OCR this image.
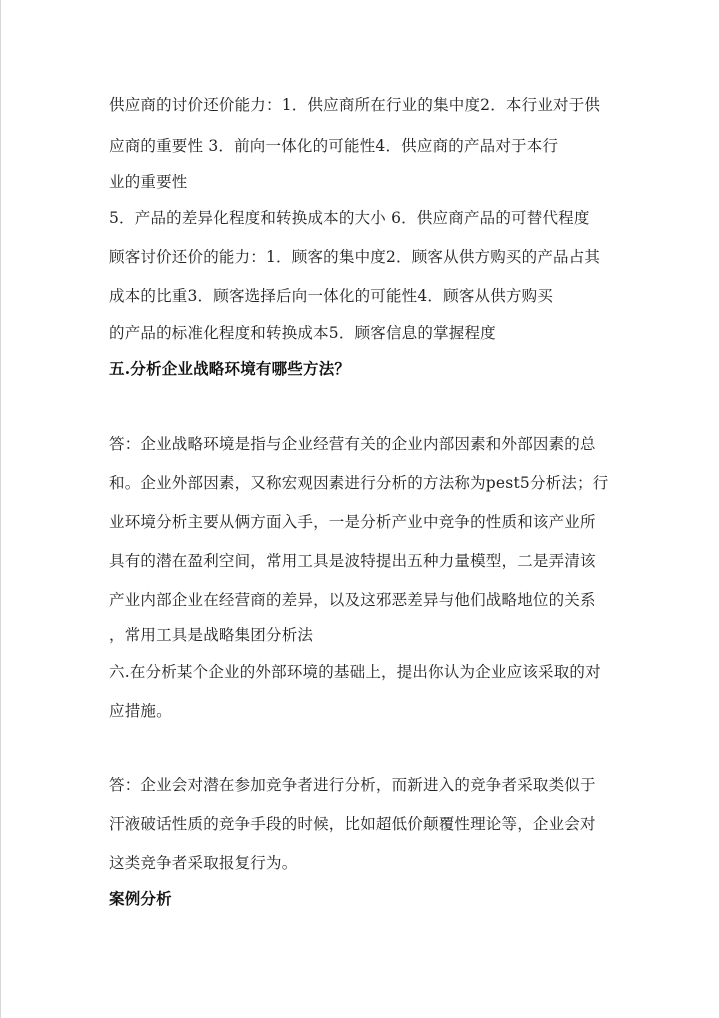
供应商的讨价还价能力：1．供应商所在行业的集中度2．本行业对于供
应商的重要性 3．前向一体化的可能性4．供应商的产品对于本行
业的重要性
5．产品的差异化程度和转换成本的大小 6．供应商产品的可替代程度
顾客讨价还价的能力：1．顾客的集中度2．顾客从供方购买的产品占其
成本的比重3．顾客选择后向一体化的可能性4．顾客从供方购买
的产品的标准化程度和转换成本5．顾客信息的掌握程度
五.分析企业战略环境有哪些方法？
答：企业战略环境是指与企业经营有关的企业内部因素和外部因素的总
和。企业外部因素，又称宏观因素进行分析的方法称为pest5分析法；行
业环境分析主要从俩方面入手，一是分析产业中竞争的性质和该产业所
具有的潜在盈利空间，常用工具是波特提出五种力量模型，二是弄清该
产业内部企业在经营商的差异，以及这邪恶差异与他们战略地位的关系
，常用工具是战略集团分析法
六.在分析某个企业的外部环境的基础上，提出你认为企业应该采取的对
应措施。
答：企业会对潜在参加竞争者进行分析，而新进入的竞争者采取类似于
汗液破话性质的竞争手段的时候，比如超低价颠覆性理论等，企业会对
这类竞争者采取报复行为。
案例分析
